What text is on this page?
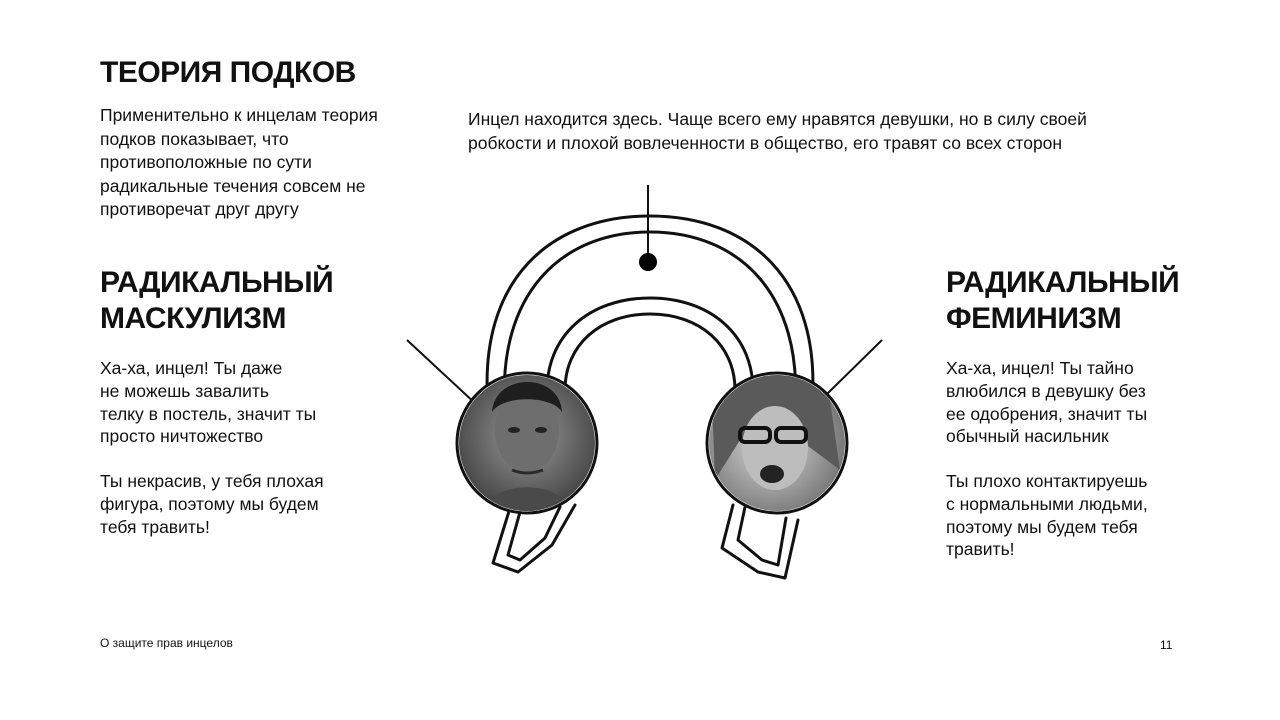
ТЕОРИЯ ПОДКОВ

Применительно к инцелам теория подков показывает, что противоположные по сути радикальные течения совсем не противоречат друг другу

Инцел находится здесь. Чаще всего ему нравятся девушки, но в силу своей робкости и плохой вовлеченности в общество, его травят со всех сторон

РАДИКАЛЬНЫЙ
МАСКУЛИЗМ

Ха-ха, инцел! Ты даже
не можешь завалить
телку в постель, значит ты
просто ничтожество

Ты некрасив, у тебя плохая
фигура, поэтому мы будем
тебя травить!

РАДИКАЛЬНЫЙ
ФЕМИНИЗМ

Ха-ха, инцел! Ты тайно
влюбился в девушку без
ее одобрения, значит ты
обычный насильник

Ты плохо контактируешь
с нормальными людьми,
поэтому мы будем тебя
травить!

О защите прав инцелов	11
